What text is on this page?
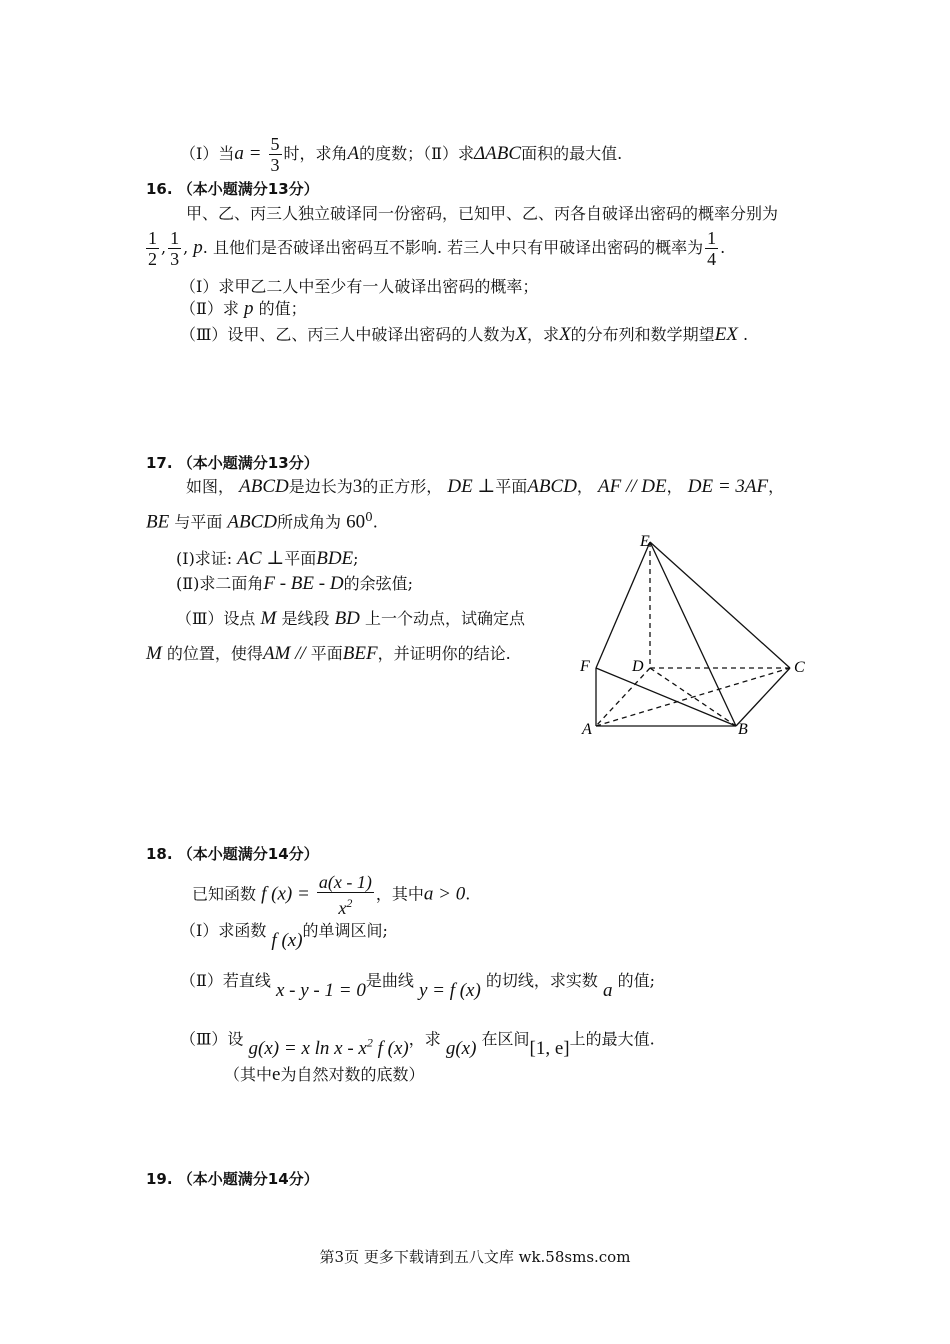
（Ⅰ）当$a = \frac{5}{3}$ 时，求角A的度数；（Ⅱ）求ΔABC面积的最大值.
16. （本小题满分13分）
甲、乙、丙三人独立破译同一份密码，已知甲、乙、丙各自破译出密码的概率分别为
$\frac{1}{2}$ , $\frac{1}{3}$ , p. 且他们是否破译出密码互不影响. 若三人中只有甲破译出密码的概率为 $\frac{1}{4}$ .
（Ⅰ）求甲乙二人中至少有一人破译出密码的概率；
（Ⅱ）求 p 的值；
（Ⅲ）设甲、乙、丙三人中破译出密码的人数为X，求X的分布列和数学期望EX .
17. （本小题满分13分）
如图， ABCD是边长为3的正方形， DE ⊥平面ABCD， AF // DE， DE = 3AF，
BE 与平面 ABCD所成角为 $60^0$.
(Ⅰ)求证: AC ⊥平面BDE;
(Ⅱ)求二面角F - BE - D的余弦值;
（Ⅲ）设点 M 是线段 BD 上一个动点，试确定点
M 的位置，使得AM // 平面BEF，并证明你的结论.
E
F	D	C
A	B
18. （本小题满分14分）
已知函数 f $(x) = \frac{a(x - 1)}{x^2}$ ，其中a > 0.
（Ⅰ）求函数 f (x)的单调区间;
（Ⅱ）若直线 x - y - 1 = 0是曲线 y = f (x) 的切线，求实数 a 的值;
（Ⅲ）设 g(x) = x ln x - $x^2$ f (x)，求 g(x) 在区间[1, e]上的最大值.
（其中e为自然对数的底数）
19. （本小题满分14分）
第3页 更多下载请到五八文库 wk.58sms.com
